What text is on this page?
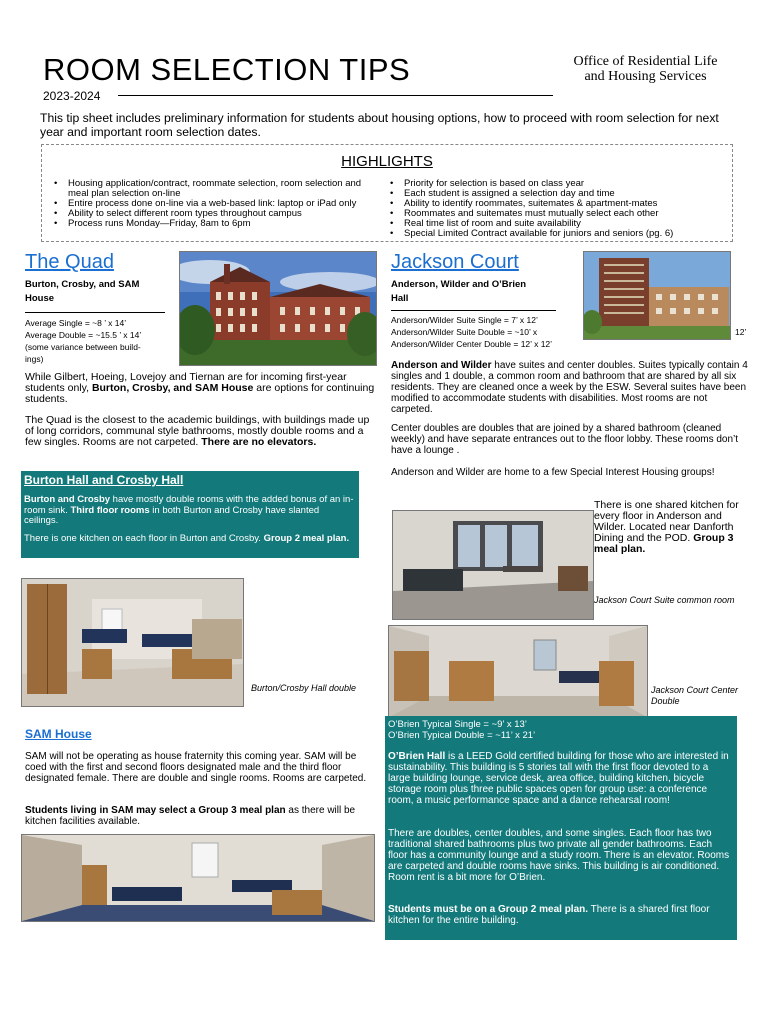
ROOM SELECTION TIPS
2023-2024
Office of Residential Life
and Housing Services
This tip sheet includes preliminary information for students about housing options, how to proceed with room selection for next year and important room selection dates.
HIGHLIGHTS
• Housing application/contract, roommate selection, room selection and meal plan selection on-line
• Entire process done on-line via a web-based link: laptop or iPad only
• Ability to select different room types throughout campus
• Process runs Monday—Friday, 8am to 6pm
• Priority for selection is based on class year
• Each student is assigned a selection day and time
• Ability to identify roommates, suitemates & apartment-mates
• Roommates and suitemates must mutually select each other
• Real time list of room and suite availability
• Special Limited Contract available for juniors and seniors (pg. 6)
The Quad
Burton, Crosby, and SAM
House
Average Single = ~8 ’ x 14’
Average Double = ~15.5 ’ x 14’
(some variance between build-
ings)
While Gilbert, Hoeing, Lovejoy and Tiernan are for incoming first-year students only, Burton, Crosby, and SAM House are options for continuing students.
The Quad is the closest to the academic buildings, with buildings made up of long corridors, communal style bathrooms, mostly double rooms and a few singles. Rooms are not carpeted. There are no elevators.
Burton Hall and Crosby Hall
Burton and Crosby have mostly double rooms with the added bonus of an in-room sink. Third floor rooms in both Burton and Crosby have slanted ceilings.
There is one kitchen on each floor in Burton and Crosby. Group 2 meal plan.
Burton/Crosby Hall double
SAM House
SAM will not be operating as house fraternity this coming year. SAM will be coed with the first and second floors designated male and the third floor designated female. There are double and single rooms. Rooms are carpeted.
Students living in SAM may select a Group 3 meal plan as there will be kitchen facilities available.
Jackson Court
Anderson, Wilder and O’Brien
Hall
Anderson/Wilder Suite Single = 7’ x 12’
Anderson/Wilder Suite Double = ~10’ x	12’
Anderson/Wilder Center Double = 12’ x 12’
Anderson and Wilder have suites and center doubles. Suites typically contain 4 singles and 1 double, a common room and bathroom that are shared by all six residents. They are cleaned once a week by the ESW. Several suites have been modified to accommodate students with disabilities. Most rooms are not carpeted.
Center doubles are doubles that are joined by a shared bathroom (cleaned weekly) and have separate entrances out to the floor lobby. These rooms don’t have a lounge .
Anderson and Wilder are home to a few Special Interest Housing groups!
There is one shared kitchen for every floor in Anderson and Wilder. Located near Danforth Dining and the POD. Group 3 meal plan.
Jackson Court Suite common room
Jackson Court Center Double
O’Brien Typical Single = ~9’ x 13’
O’Brien Typical Double = ~11’ x 21’
O’Brien Hall is a LEED Gold certified building for those who are interested in sustainability. This building is 5 stories tall with the first floor devoted to a large building lounge, service desk, area office, building kitchen, bicycle storage room plus three public spaces open for group use: a conference room, a music performance space and a dance rehearsal room!
There are doubles, center doubles, and some singles. Each floor has two traditional shared bathrooms plus two private all gender bathrooms. Each floor has a community lounge and a study room. There is an elevator. Rooms are carpeted and double rooms have sinks. This building is air conditioned. Room rent is a bit more for O’Brien.
Students must be on a Group 2 meal plan. There is a shared first floor kitchen for the entire building.
